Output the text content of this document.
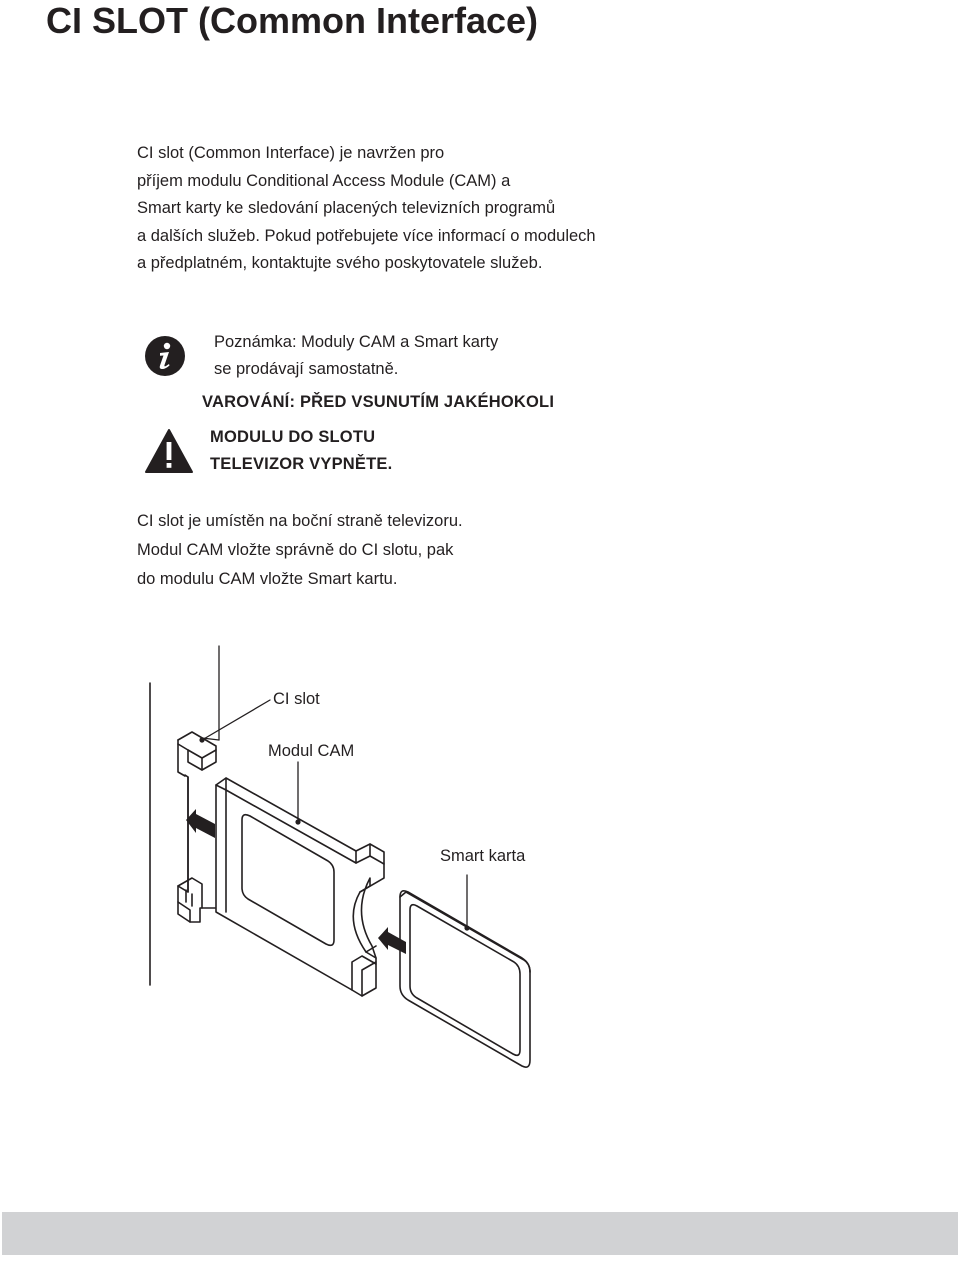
CI SLOT (Common Interface)
CI slot (Common Interface) je navržen pro
příjem modulu Conditional Access Module (CAM) a
Smart karty ke sledování placených televizních programů
a dalších služeb. Pokud potřebujete více informací o modulech
a předplatném, kontaktujte svého poskytovatele služeb.
Poznámka: Moduly CAM a Smart karty
se prodávají samostatně.
VAROVÁNÍ: PŘED VSUNUTÍM JAKÉHOKOLI
MODULU DO SLOTU
TELEVIZOR VYPNĚTE.
CI slot je umístěn na boční straně televizoru.
Modul CAM vložte správně do CI slotu, pak
do modulu CAM vložte Smart kartu.
CI slot
Modul CAM
Smart karta
